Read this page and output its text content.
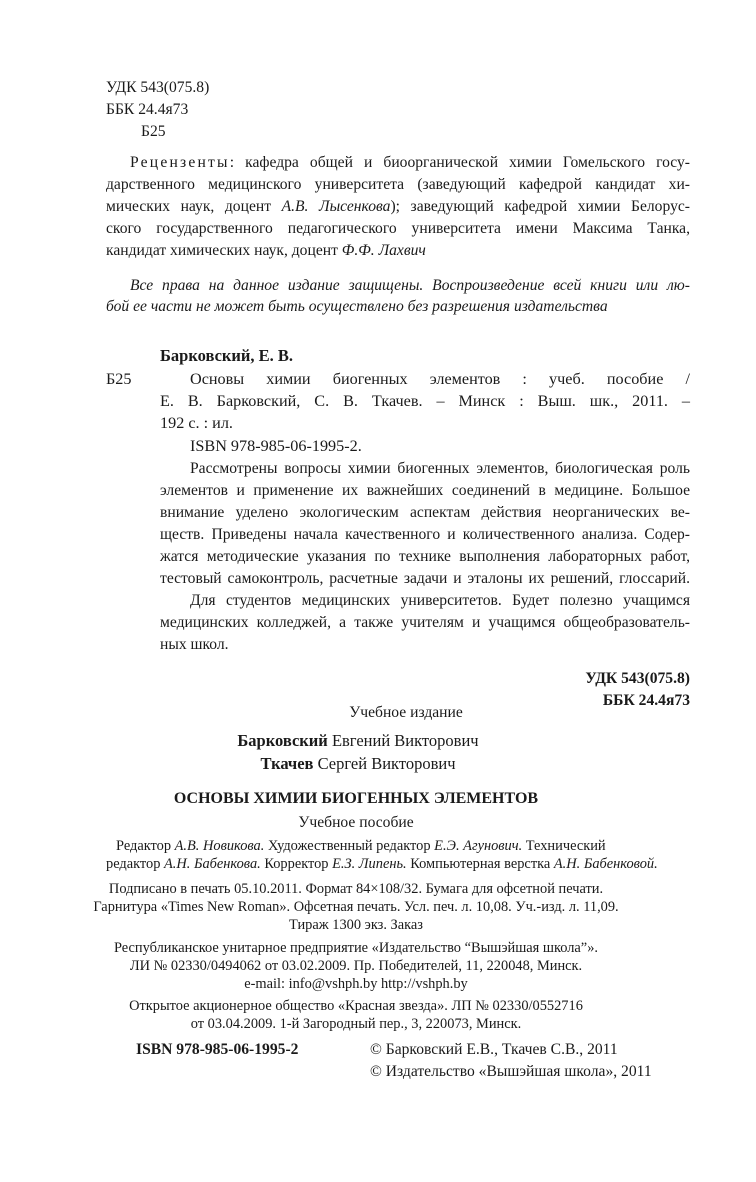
УДК 543(075.8)
ББК 24.4я73
Б25
Рецензенты: кафедра общей и биоорганической химии Гомельского госу-
дарственного медицинского университета (заведующий кафедрой кандидат хи-
мических наук, доцент А.В. Лысенкова); заведующий кафедрой химии Белорус-
ского государственного педагогического университета имени Максима Танка,
кандидат химических наук, доцент Ф.Ф. Лахвич
Все права на данное издание защищены. Воспроизведение всей книги или лю-
бой ее части не может быть осуществлено без разрешения издательства
Барковский, Е. В.
Б25	Основы химии биогенных элементов : учеб. пособие /
Е. В. Барковский, С. В. Ткачев. – Минск : Выш. шк., 2011. –
192 с. : ил.
ISBN 978-985-06-1995-2.
Рассмотрены вопросы химии биогенных элементов, биологическая роль
элементов и применение их важнейших соединений в медицине. Большое
внимание уделено экологическим аспектам действия неорганических ве-
ществ. Приведены начала качественного и количественного анализа. Содер-
жатся методические указания по технике выполнения лабораторных работ,
тестовый самоконтроль, расчетные задачи и эталоны их решений, глоссарий.
Для студентов медицинских университетов. Будет полезно учащимся
медицинских колледжей, а также учителям и учащимся общеобразователь-
ных школ.
УДК 543(075.8)
ББК 24.4я73
Учебное издание
Барковский Евгений Викторович
Ткачев Сергей Викторович
ОСНОВЫ ХИМИИ БИОГЕННЫХ ЭЛЕМЕНТОВ
Учебное пособие
Редактор А.В. Новикова. Художественный редактор Е.Э. Агунович. Технический
редактор А.Н. Бабенкова. Корректор Е.З. Липень. Компьютерная верстка А.Н. Бабенковой.
Подписано в печать 05.10.2011. Формат 84×108/32. Бумага для офсетной печати.
Гарнитура «Times New Roman». Офсетная печать. Усл. печ. л. 10,08. Уч.-изд. л. 11,09.
Тираж 1300 экз. Заказ
Республиканское унитарное предприятие «Издательство “Вышэйшая школа”».
ЛИ № 02330/0494062 от 03.02.2009. Пр. Победителей, 11, 220048, Минск.
e-mail: info@vshph.by http://vshph.by
Открытое акционерное общество «Красная звезда». ЛП № 02330/0552716
от 03.04.2009. 1-й Загородный пер., 3, 220073, Минск.
ISBN 978-985-06-1995-2	© Барковский Е.В., Ткачев С.В., 2011
© Издательство «Вышэйшая школа», 2011
